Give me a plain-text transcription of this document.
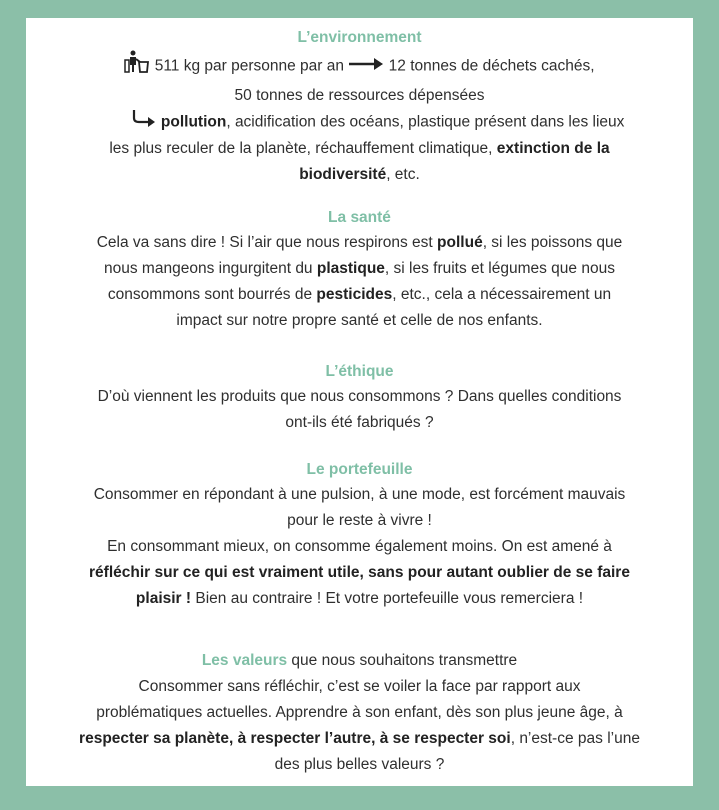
L’environnement
511 kg par personne par an	12 tonnes de déchets cachés,
50 tonnes de ressources dépensées
pollution, acidification des océans, plastique présent dans les lieux
les plus reculer de la planète, réchauffement climatique, extinction de la
biodiversité, etc.
La santé
Cela va sans dire ! Si l’air que nous respirons est pollué, si les poissons que
nous mangeons ingurgitent du plastique, si les fruits et légumes que nous
consommons sont bourrés de pesticides, etc., cela a nécessairement un
impact sur notre propre santé et celle de nos enfants.
L’éthique
D’où viennent les produits que nous consommons ? Dans quelles conditions
ont-ils été fabriqués ?
Le portefeuille
Consommer en répondant à une pulsion, à une mode, est forcément mauvais
pour le reste à vivre !
En consommant mieux, on consomme également moins. On est amené à
réfléchir sur ce qui est vraiment utile, sans pour autant oublier de se faire
plaisir ! Bien au contraire ! Et votre portefeuille vous remerciera !
Les valeurs que nous souhaitons transmettre
Consommer sans réfléchir, c’est se voiler la face par rapport aux
problématiques actuelles. Apprendre à son enfant, dès son plus jeune âge, à
respecter sa planète, à respecter l’autre, à se respecter soi, n’est-ce pas l’une
des plus belles valeurs ?
